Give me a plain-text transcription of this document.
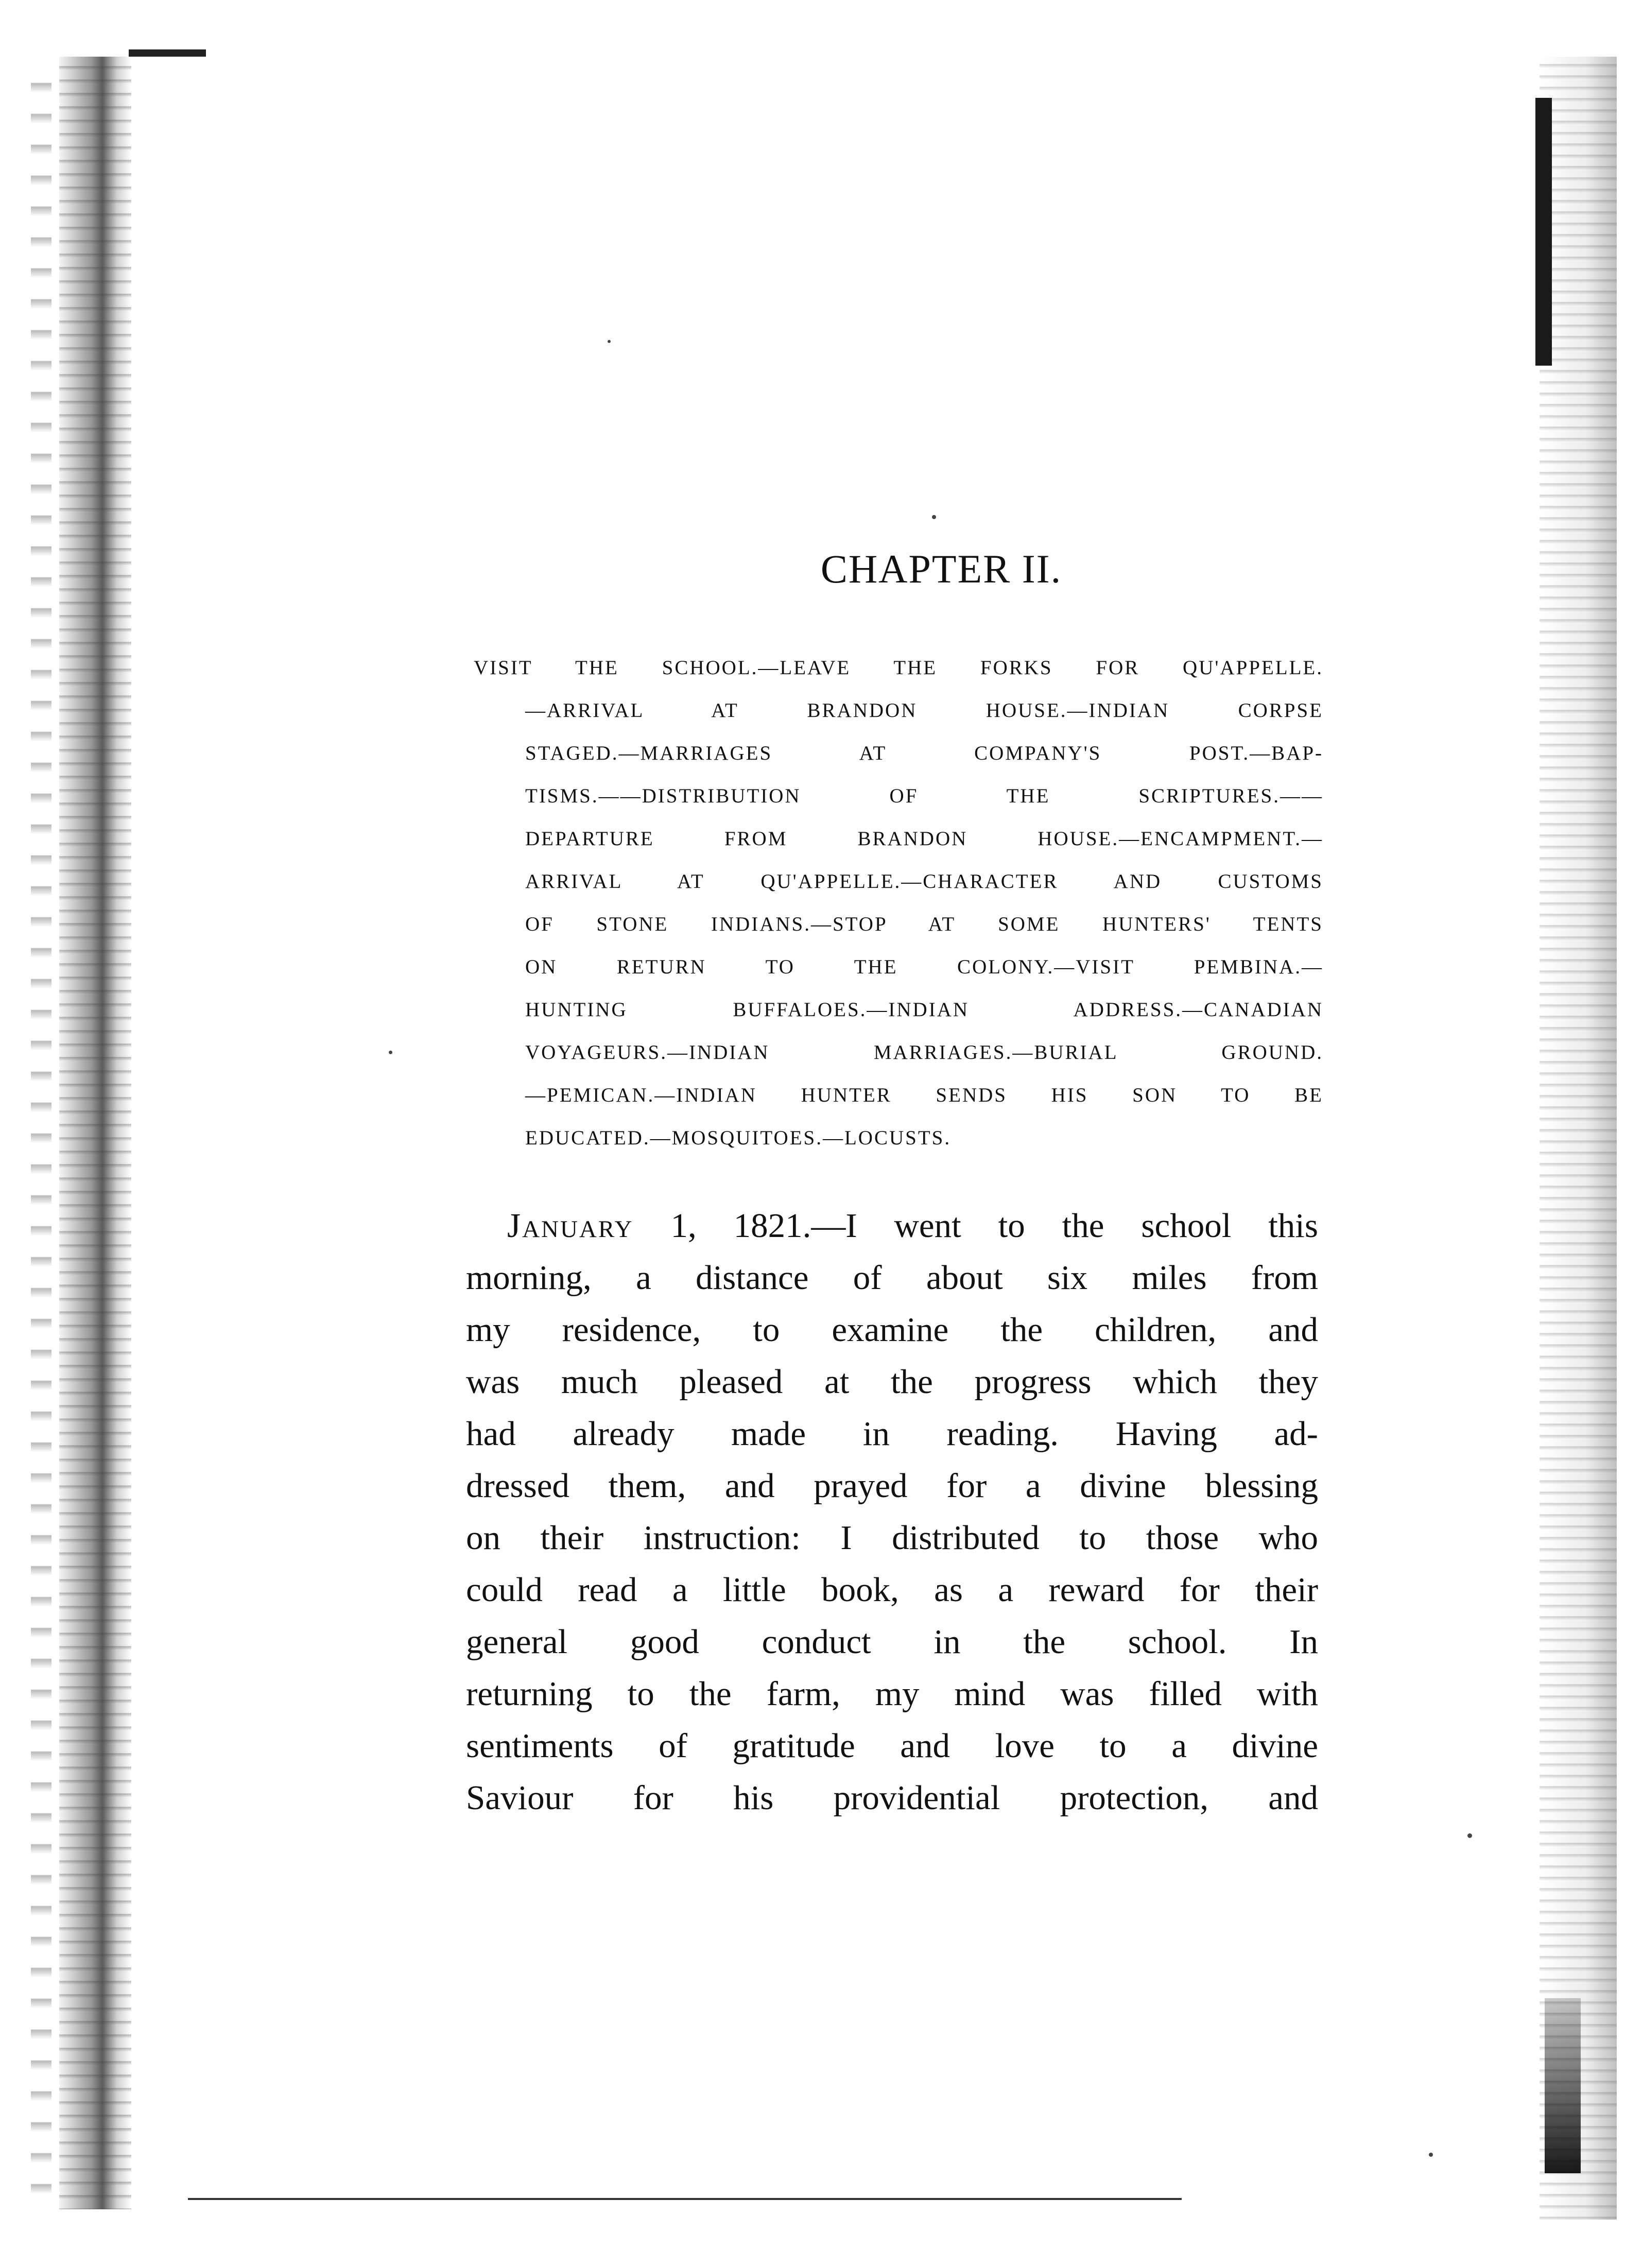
CHAPTER II.
VISIT THE SCHOOL.—LEAVE THE FORKS FOR QU'APPELLE.
—ARRIVAL AT BRANDON HOUSE.—INDIAN CORPSE
STAGED.—MARRIAGES AT COMPANY'S POST.—BAP-
TISMS.——DISTRIBUTION OF THE SCRIPTURES.——
DEPARTURE FROM BRANDON HOUSE.—ENCAMPMENT.—
ARRIVAL AT QU'APPELLE.—CHARACTER AND CUSTOMS
OF STONE INDIANS.—STOP AT SOME HUNTERS' TENTS
ON RETURN TO THE COLONY.—VISIT PEMBINA.—
HUNTING BUFFALOES.—INDIAN ADDRESS.—CANADIAN
VOYAGEURS.—INDIAN MARRIAGES.—BURIAL GROUND.
—PEMICAN.—INDIAN HUNTER SENDS HIS SON TO BE
EDUCATED.—MOSQUITOES.—LOCUSTS.
January 1, 1821.—I went to the school this
morning, a distance of about six miles from
my residence, to examine the children, and
was much pleased at the progress which they
had already made in reading. Having ad-
dressed them, and prayed for a divine blessing
on their instruction: I distributed to those who
could read a little book, as a reward for their
general good conduct in the school. In
returning to the farm, my mind was filled with
sentiments of gratitude and love to a divine
Saviour for his providential protection, and
